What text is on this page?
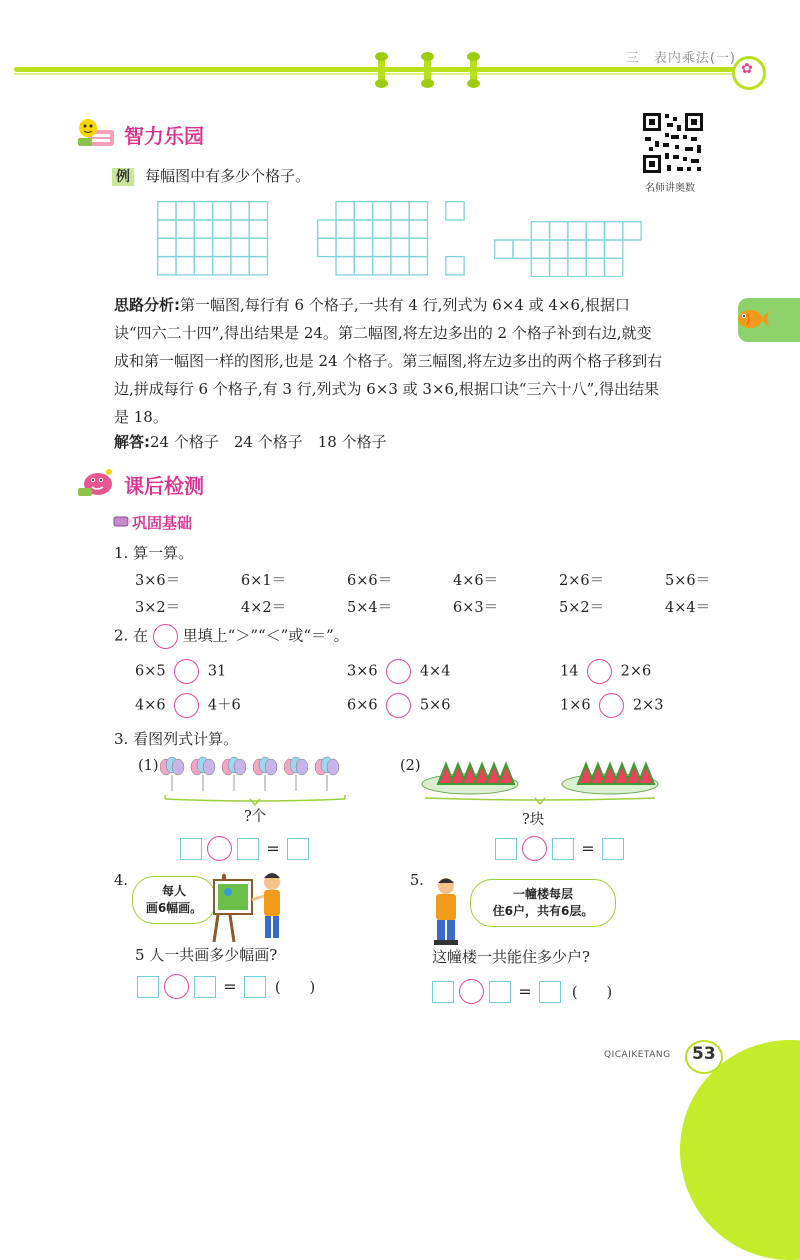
三　表内乘法(一)
✿
智力乐园
名师讲奥数
例 每幅图中有多少个格子。
思路分析:第一幅图,每行有 6 个格子,一共有 4 行,列式为 6×4 或 4×6,根据口
诀“四六二十四”,得出结果是 24。第二幅图,将左边多出的 2 个格子补到右边,就变
成和第一幅图一样的图形,也是 24 个格子。第三幅图,将左边多出的两个格子移到右
边,拼成每行 6 个格子,有 3 行,列式为 6×3 或 3×6,根据口诀“三六十八”,得出结果
是 18。
解答:24 个格子　24 个格子　18 个格子
课后检测
巩固基础
1. 算一算。
3×6＝	6×1＝	6×6＝	4×6＝	2×6＝	5×6＝
3×2＝	4×2＝	5×4＝	6×3＝	5×2＝	4×4＝
2. 在 里填上“＞”“＜”或“＝”。
6×5	31	3×6	4×4	14	2×6
4×6	4＋6	6×6	5×6	1×6	2×3
3. 看图列式计算。
(1)
?个
=
(2)
?块
=
4.
每人
画6幅画。
5 人一共画多少幅画?
=	(　　)
5.
一幢楼每层
住6户，共有6层。
这幢楼一共能住多少户?
=	(　　)
QICAIKETANG 53
